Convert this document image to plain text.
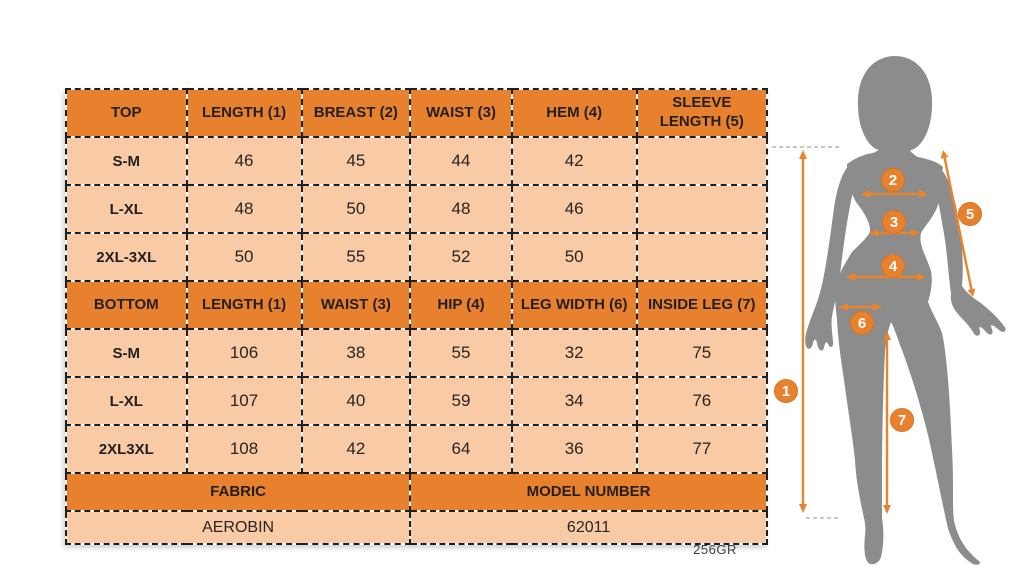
TOP	LENGTH (1)	BREAST (2)	WAIST (3)	HEM (4)	SLEEVE LENGTH (5)
S-M	46	45	44	42	
L-XL	48	50	48	46	
2XL-3XL	50	55	52	50	
BOTTOM	LENGTH (1)	WAIST (3)	HIP (4)	LEG WIDTH (6)	INSIDE LEG (7)
S-M	106	38	55	32	75
L-XL	107	40	59	34	76
2XL3XL	108	42	64	36	77
FABRIC			MODEL NUMBER		
AEROBIN			62011		
256GR
1
2
3
4
5
6
7
